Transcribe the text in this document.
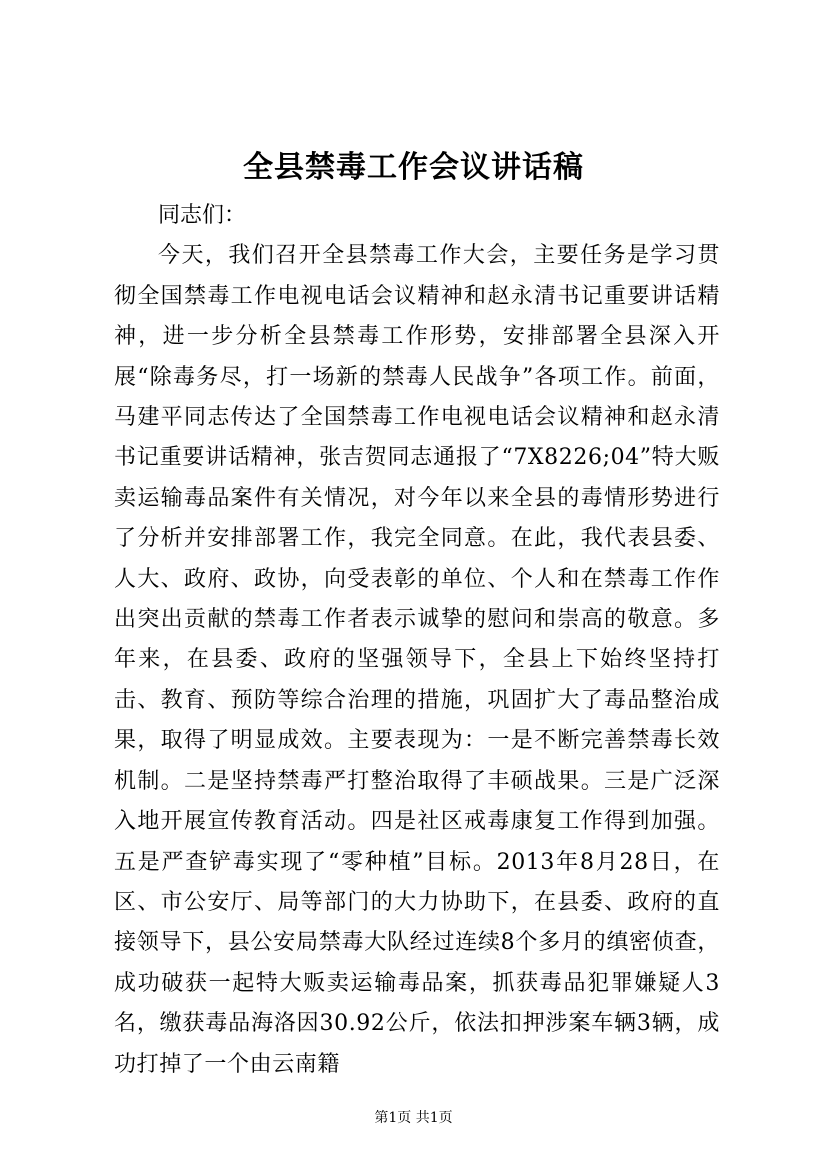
全县禁毒工作会议讲话稿

同志们：

今天，我们召开全县禁毒工作大会，主要任务是学习贯彻全国禁毒工作电视电话会议精神和赵永清书记重要讲话精神，进一步分析全县禁毒工作形势，安排部署全县深入开展“除毒务尽，打一场新的禁毒人民战争”各项工作。前面，马建平同志传达了全国禁毒工作电视电话会议精神和赵永清书记重要讲话精神，张吉贺同志通报了“7X8226;04”特大贩卖运输毒品案件有关情况，对今年以来全县的毒情形势进行了分析并安排部署工作，我完全同意。在此，我代表县委、人大、政府、政协，向受表彰的单位、个人和在禁毒工作作出突出贡献的禁毒工作者表示诚挚的慰问和崇高的敬意。多年来，在县委、政府的坚强领导下，全县上下始终坚持打击、教育、预防等综合治理的措施，巩固扩大了毒品整治成果，取得了明显成效。主要表现为：一是不断完善禁毒长效机制。二是坚持禁毒严打整治取得了丰硕战果。三是广泛深入地开展宣传教育活动。四是社区戒毒康复工作得到加强。五是严查铲毒实现了“零种植”目标。2013年8月28日，在区、市公安厅、局等部门的大力协助下，在县委、政府的直接领导下，县公安局禁毒大队经过连续8个多月的缜密侦查，成功破获一起特大贩卖运输毒品案，抓获毒品犯罪嫌疑人3名，缴获毒品海洛因30.92公斤，依法扣押涉案车辆3辆，成功打掉了一个由云南籍

第1页 共1页
